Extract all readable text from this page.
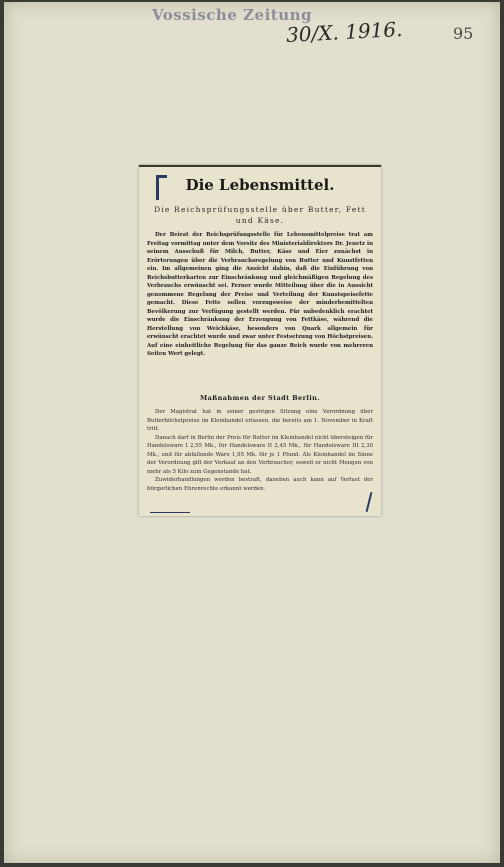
Vossische Zeitung
30/X. 1916.	95
Die Lebensmittel.
Die Reichsprüfungsstelle über Butter, Fett und Käse.
Der Beirat der Reichsprüfungsstelle für Lebensmittelpreise trat am Freitag vormittag unter dem Vorsitz des Ministerialdirektors Dr. Jenetz in seinem Ausschuß für Milch, Butter, Käse und Eier zunächst in Erörterungen über die Verbrauchsregelung von Butter und Kunstfetten ein. Im allgemeinen ging die Ansicht dahin, daß die Einführung von Reichsbutterkarten zur Einschränkung und gleichmäßigen Regelung des Verbrauchs erwünscht sei. Ferner wurde Mitteilung über die in Aussicht genommene Regelung der Preise und Verteilung der Kunstspeisefette gemacht. Diese Fette sollen vorzugsweise der minderbemittelten Bevölkerung zur Verfügung gestellt werden. Für unbedenklich erachtet wurde die Einschränkung der Erzeugung von Fettkäse, während die Herstellung von Weichkäse, besonders von Quark allgemein für erwünscht erachtet wurde und zwar unter Festsetzung von Höchstpreisen. Auf eine einheitliche Regelung für das ganze Reich wurde von mehreren Seiten Wert gelegt.
Maßnahmen der Stadt Berlin.

Der Magistrat hat in seiner gestrigen Sitzung eine Verordnung über Butterhöchstpreise im Kleinhandel erlassen, die bereits am 1. November in Kraft tritt.

Danach darf in Berlin der Preis für Butter im Kleinhandel nicht übersteigen für Handelsware I 2,55 Mk., für Handelsware II 2,45 Mk., für Handelsware III 2,30 Mk., und für abfallende Ware 1,95 Mk. für je 1 Pfund. Als Kleinhandel im Sinne der Verordnung gilt der Verkauf an den Verbraucher, soweit er nicht Mengen von mehr als 5 Kilo zum Gegenstande hat.

Zuwiderhandlungen werden bestraft, daneben auch kann auf Verlust der bürgerlichen Ehrenrechte erkannt werden.
